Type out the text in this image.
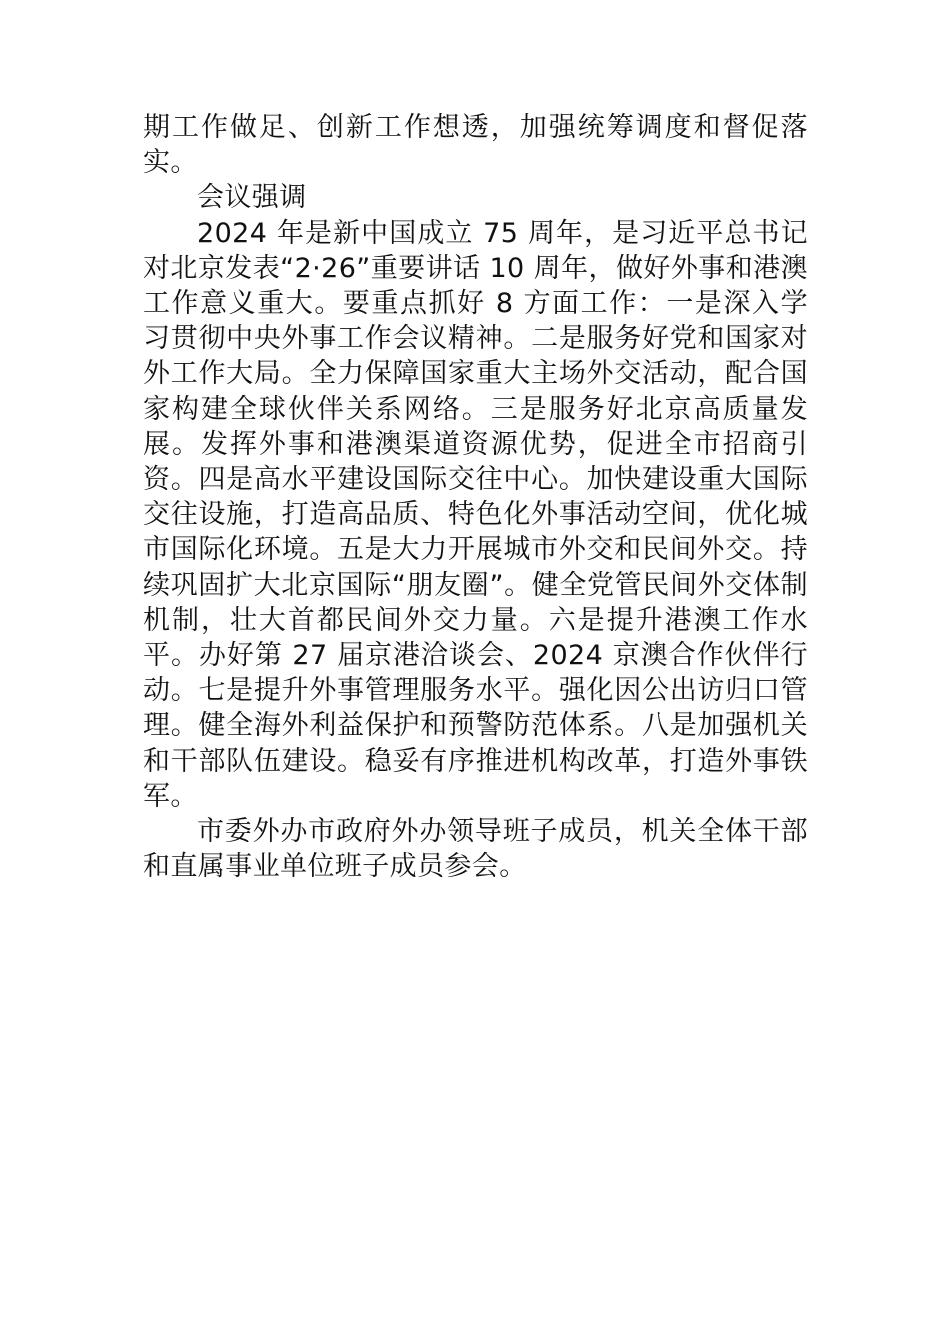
期工作做足、创新工作想透，加强统筹调度和督促落实。

会议强调

2024 年是新中国成立 75 周年，是习近平总书记对北京发表“2·26”重要讲话 10 周年，做好外事和港澳工作意义重大。要重点抓好 8 方面工作：一是深入学习贯彻中央外事工作会议精神。二是服务好党和国家对外工作大局。全力保障国家重大主场外交活动，配合国家构建全球伙伴关系网络。三是服务好北京高质量发展。发挥外事和港澳渠道资源优势，促进全市招商引资。四是高水平建设国际交往中心。加快建设重大国际交往设施，打造高品质、特色化外事活动空间，优化城市国际化环境。五是大力开展城市外交和民间外交。持续巩固扩大北京国际“朋友圈”。健全党管民间外交体制机制，壮大首都民间外交力量。六是提升港澳工作水平。办好第 27 届京港洽谈会、2024 京澳合作伙伴行动。七是提升外事管理服务水平。强化因公出访归口管理。健全海外利益保护和预警防范体系。八是加强机关和干部队伍建设。稳妥有序推进机构改革，打造外事铁军。

市委外办市政府外办领导班子成员，机关全体干部和直属事业单位班子成员参会。
